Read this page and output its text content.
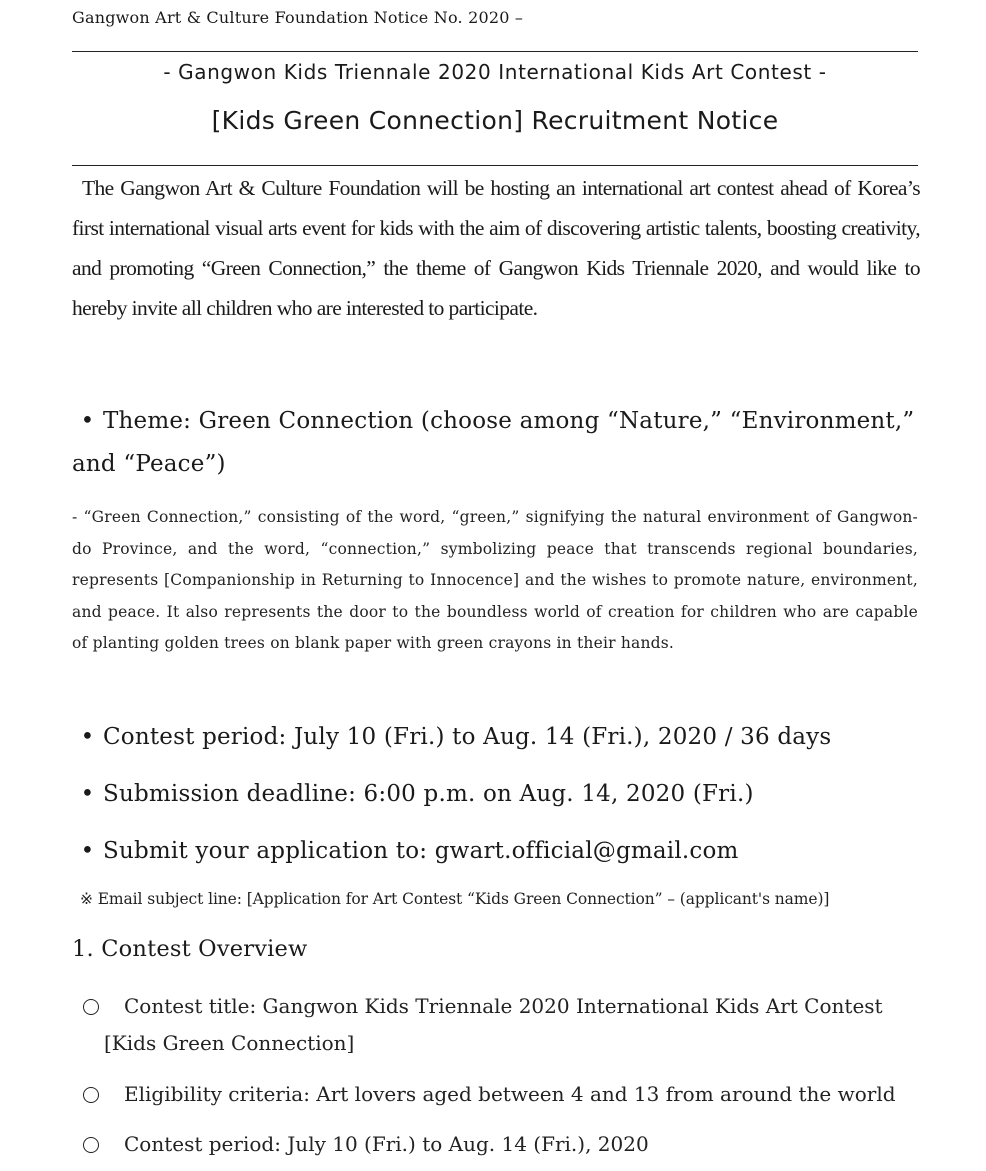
Gangwon Art & Culture Foundation Notice No. 2020 –
- Gangwon Kids Triennale 2020 International Kids Art Contest -
[Kids Green Connection] Recruitment Notice
The Gangwon Art & Culture Foundation will be hosting an international art contest ahead of Korea’s first international visual arts event for kids with the aim of discovering artistic talents, boosting creativity, and promoting “Green Connection,” the theme of Gangwon Kids Triennale 2020, and would like to hereby invite all children who are interested to participate.
• Theme: Green Connection (choose among “Nature,” “Environment,” and “Peace”)
- “Green Connection,” consisting of the word, “green,” signifying the natural environment of Gangwon-do Province, and the word, “connection,” symbolizing peace that transcends regional boundaries, represents [Companionship in Returning to Innocence] and the wishes to promote nature, environment, and peace. It also represents the door to the boundless world of creation for children who are capable of planting golden trees on blank paper with green crayons in their hands.
• Contest period: July 10 (Fri.) to Aug. 14 (Fri.), 2020 / 36 days
• Submission deadline: 6:00 p.m. on Aug. 14, 2020 (Fri.)
• Submit your application to: gwart.official@gmail.com
※ Email subject line: [Application for Art Contest “Kids Green Connection” – (applicant's name)]
1. Contest Overview
Contest title: Gangwon Kids Triennale 2020 International Kids Art Contest [Kids Green Connection]
Eligibility criteria: Art lovers aged between 4 and 13 from around the world
Contest period: July 10 (Fri.) to Aug. 14 (Fri.), 2020
